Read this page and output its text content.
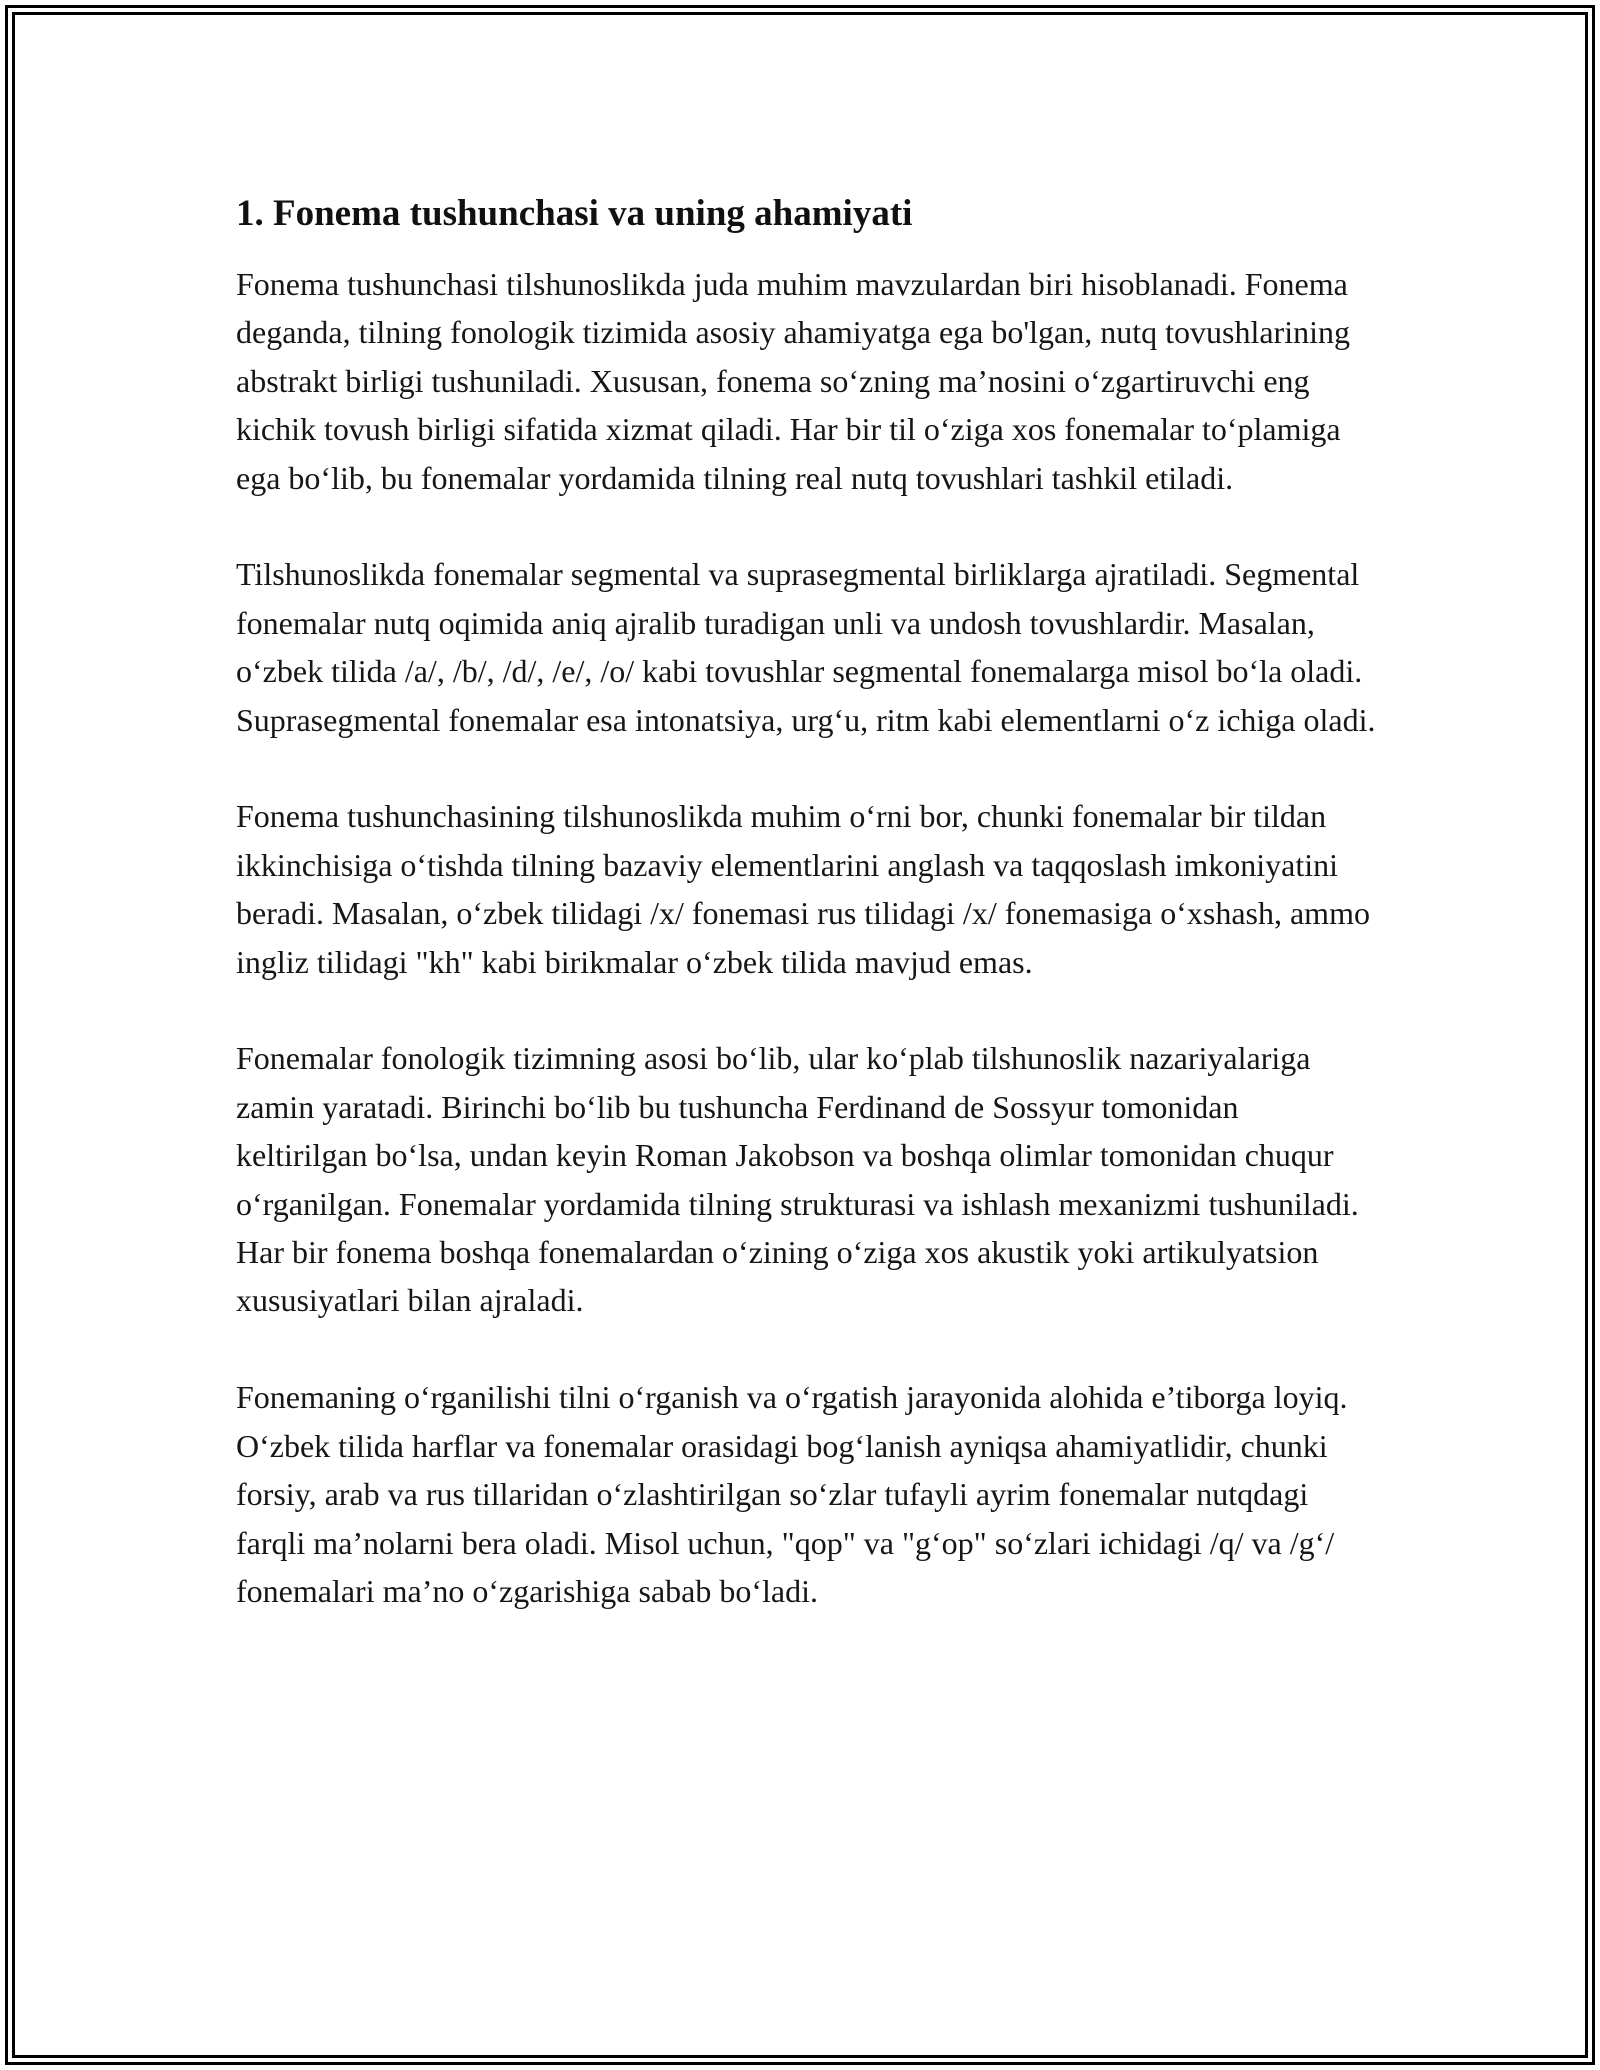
1. Fonema tushunchasi va uning ahamiyati

Fonema tushunchasi tilshunoslikda juda muhim mavzulardan biri hisoblanadi. Fonema deganda, tilning fonologik tizimida asosiy ahamiyatga ega bo'lgan, nutq tovushlarining abstrakt birligi tushuniladi. Xususan, fonema so‘zning ma’nosini o‘zgartiruvchi eng kichik tovush birligi sifatida xizmat qiladi. Har bir til o‘ziga xos fonemalar to‘plamiga ega bo‘lib, bu fonemalar yordamida tilning real nutq tovushlari tashkil etiladi.

Tilshunoslikda fonemalar segmental va suprasegmental birliklarga ajratiladi. Segmental fonemalar nutq oqimida aniq ajralib turadigan unli va undosh tovushlardir. Masalan, o‘zbek tilida /a/, /b/, /d/, /e/, /o/ kabi tovushlar segmental fonemalarga misol bo‘la oladi. Suprasegmental fonemalar esa intonatsiya, urg‘u, ritm kabi elementlarni o‘z ichiga oladi.

Fonema tushunchasining tilshunoslikda muhim o‘rni bor, chunki fonemalar bir tildan ikkinchisiga o‘tishda tilning bazaviy elementlarini anglash va taqqoslash imkoniyatini beradi. Masalan, o‘zbek tilidagi /x/ fonemasi rus tilidagi /x/ fonemasiga o‘xshash, ammo ingliz tilidagi "kh" kabi birikmalar o‘zbek tilida mavjud emas.

Fonemalar fonologik tizimning asosi bo‘lib, ular ko‘plab tilshunoslik nazariyalariga zamin yaratadi. Birinchi bo‘lib bu tushuncha Ferdinand de Sossyur tomonidan keltirilgan bo‘lsa, undan keyin Roman Jakobson va boshqa olimlar tomonidan chuqur o‘rganilgan. Fonemalar yordamida tilning strukturasi va ishlash mexanizmi tushuniladi. Har bir fonema boshqa fonemalardan o‘zining o‘ziga xos akustik yoki artikulyatsion xususiyatlari bilan ajraladi.

Fonemaning o‘rganilishi tilni o‘rganish va o‘rgatish jarayonida alohida e’tiborga loyiq. O‘zbek tilida harflar va fonemalar orasidagi bog‘lanish ayniqsa ahamiyatlidir, chunki forsiy, arab va rus tillaridan o‘zlashtirilgan so‘zlar tufayli ayrim fonemalar nutqdagi farqli ma’nolarni bera oladi. Misol uchun, "qop" va "g‘op" so‘zlari ichidagi /q/ va /g‘/ fonemalari ma’no o‘zgarishiga sabab bo‘ladi.
